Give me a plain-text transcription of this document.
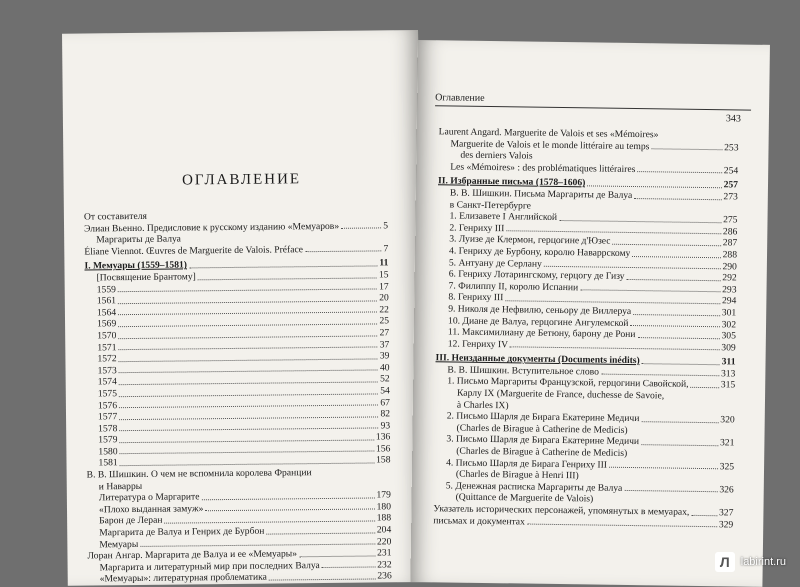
ОГЛАВЛЕНИЕ
От составителя
Элиан Вьенно. Предисловие к русскому изданию «Мемуаров»	5
Маргариты де Валуа
Éliane Viennot. Œuvres de Marguerite de Valois. Préface	7
I. Мемуары (1559–1581)	11
[Посвящение Брантому]	15
1559	17
1561	20
1564	22
1569	25
1570	27
1571	37
1572	39
1573	40
1574	52
1575	54
1576	67
1577	82
1578	93
1579	136
1580	156
1581	158
В. В. Шишкин. О чем не вспомнила королева Франции
и Наварры
Литература о Маргарите	179
«Плохо выданная замуж»	180
Барон де Леран	188
Маргарита де Валуа и Генрих де Бурбон	204
Мемуары	220
Лоран Ангар. Маргарита де Валуа и ее «Мемуары»	231
Маргарита и литературный мир при последних Валуа	232
«Мемуары»: литературная проблематика	236
Оглавление
343
Laurent Angard. Marguerite de Valois et ses «Mémoires»
Marguerite de Valois et le monde littéraire au temps	253
des derniers Valois
Les «Mémoires» : des problématiques littéraires	254
II. Избранные письма (1578–1606)	257
В. В. Шишкин. Письма Маргариты де Валуа	273
в Санкт-Петербурге
1. Елизавете I Английской	275
2. Генриху III	286
3. Луизе де Клермон, герцогине д'Юзес	287
4. Генриху де Бурбону, королю Наваррскому	288
5. Антуану де Серлану	290
6. Генриху Лотарингскому, герцогу де Гизу	292
7. Филиппу II, королю Испании	293
8. Генриху III	294
9. Николя де Нефвилю, сеньору де Виллеруа	301
10. Диане де Валуа, герцогине Ангулемской	302
11. Максимилиану де Бетюну, барону де Рони	305
12. Генриху IV	309
III. Неизданные документы (Documents inédits)	311
В. В. Шишкин. Вступительное слово	313
1. Письмо Маргариты Французской, герцогини Савойской,	315
Карлу IX (Marguerite de France, duchesse de Savoie,
à Charles IX)
2. Письмо Шарля де Бирага Екатерине Медичи	320
(Charles de Birague à Catherine de Medicis)
3. Письмо Шарля де Бирага Екатерине Медичи	321
(Charles de Birague à Catherine de Medicis)
4. Письмо Шарля де Бирага Генриху III	325
(Charles de Birague à Henri III)
5. Денежная расписка Маргариты де Валуа	326
(Quittance de Marguerite de Valois)
Указатель исторических персонажей, упомянутых в мемуарах,	327
письмах и документах	329
Л	labirint.ru
